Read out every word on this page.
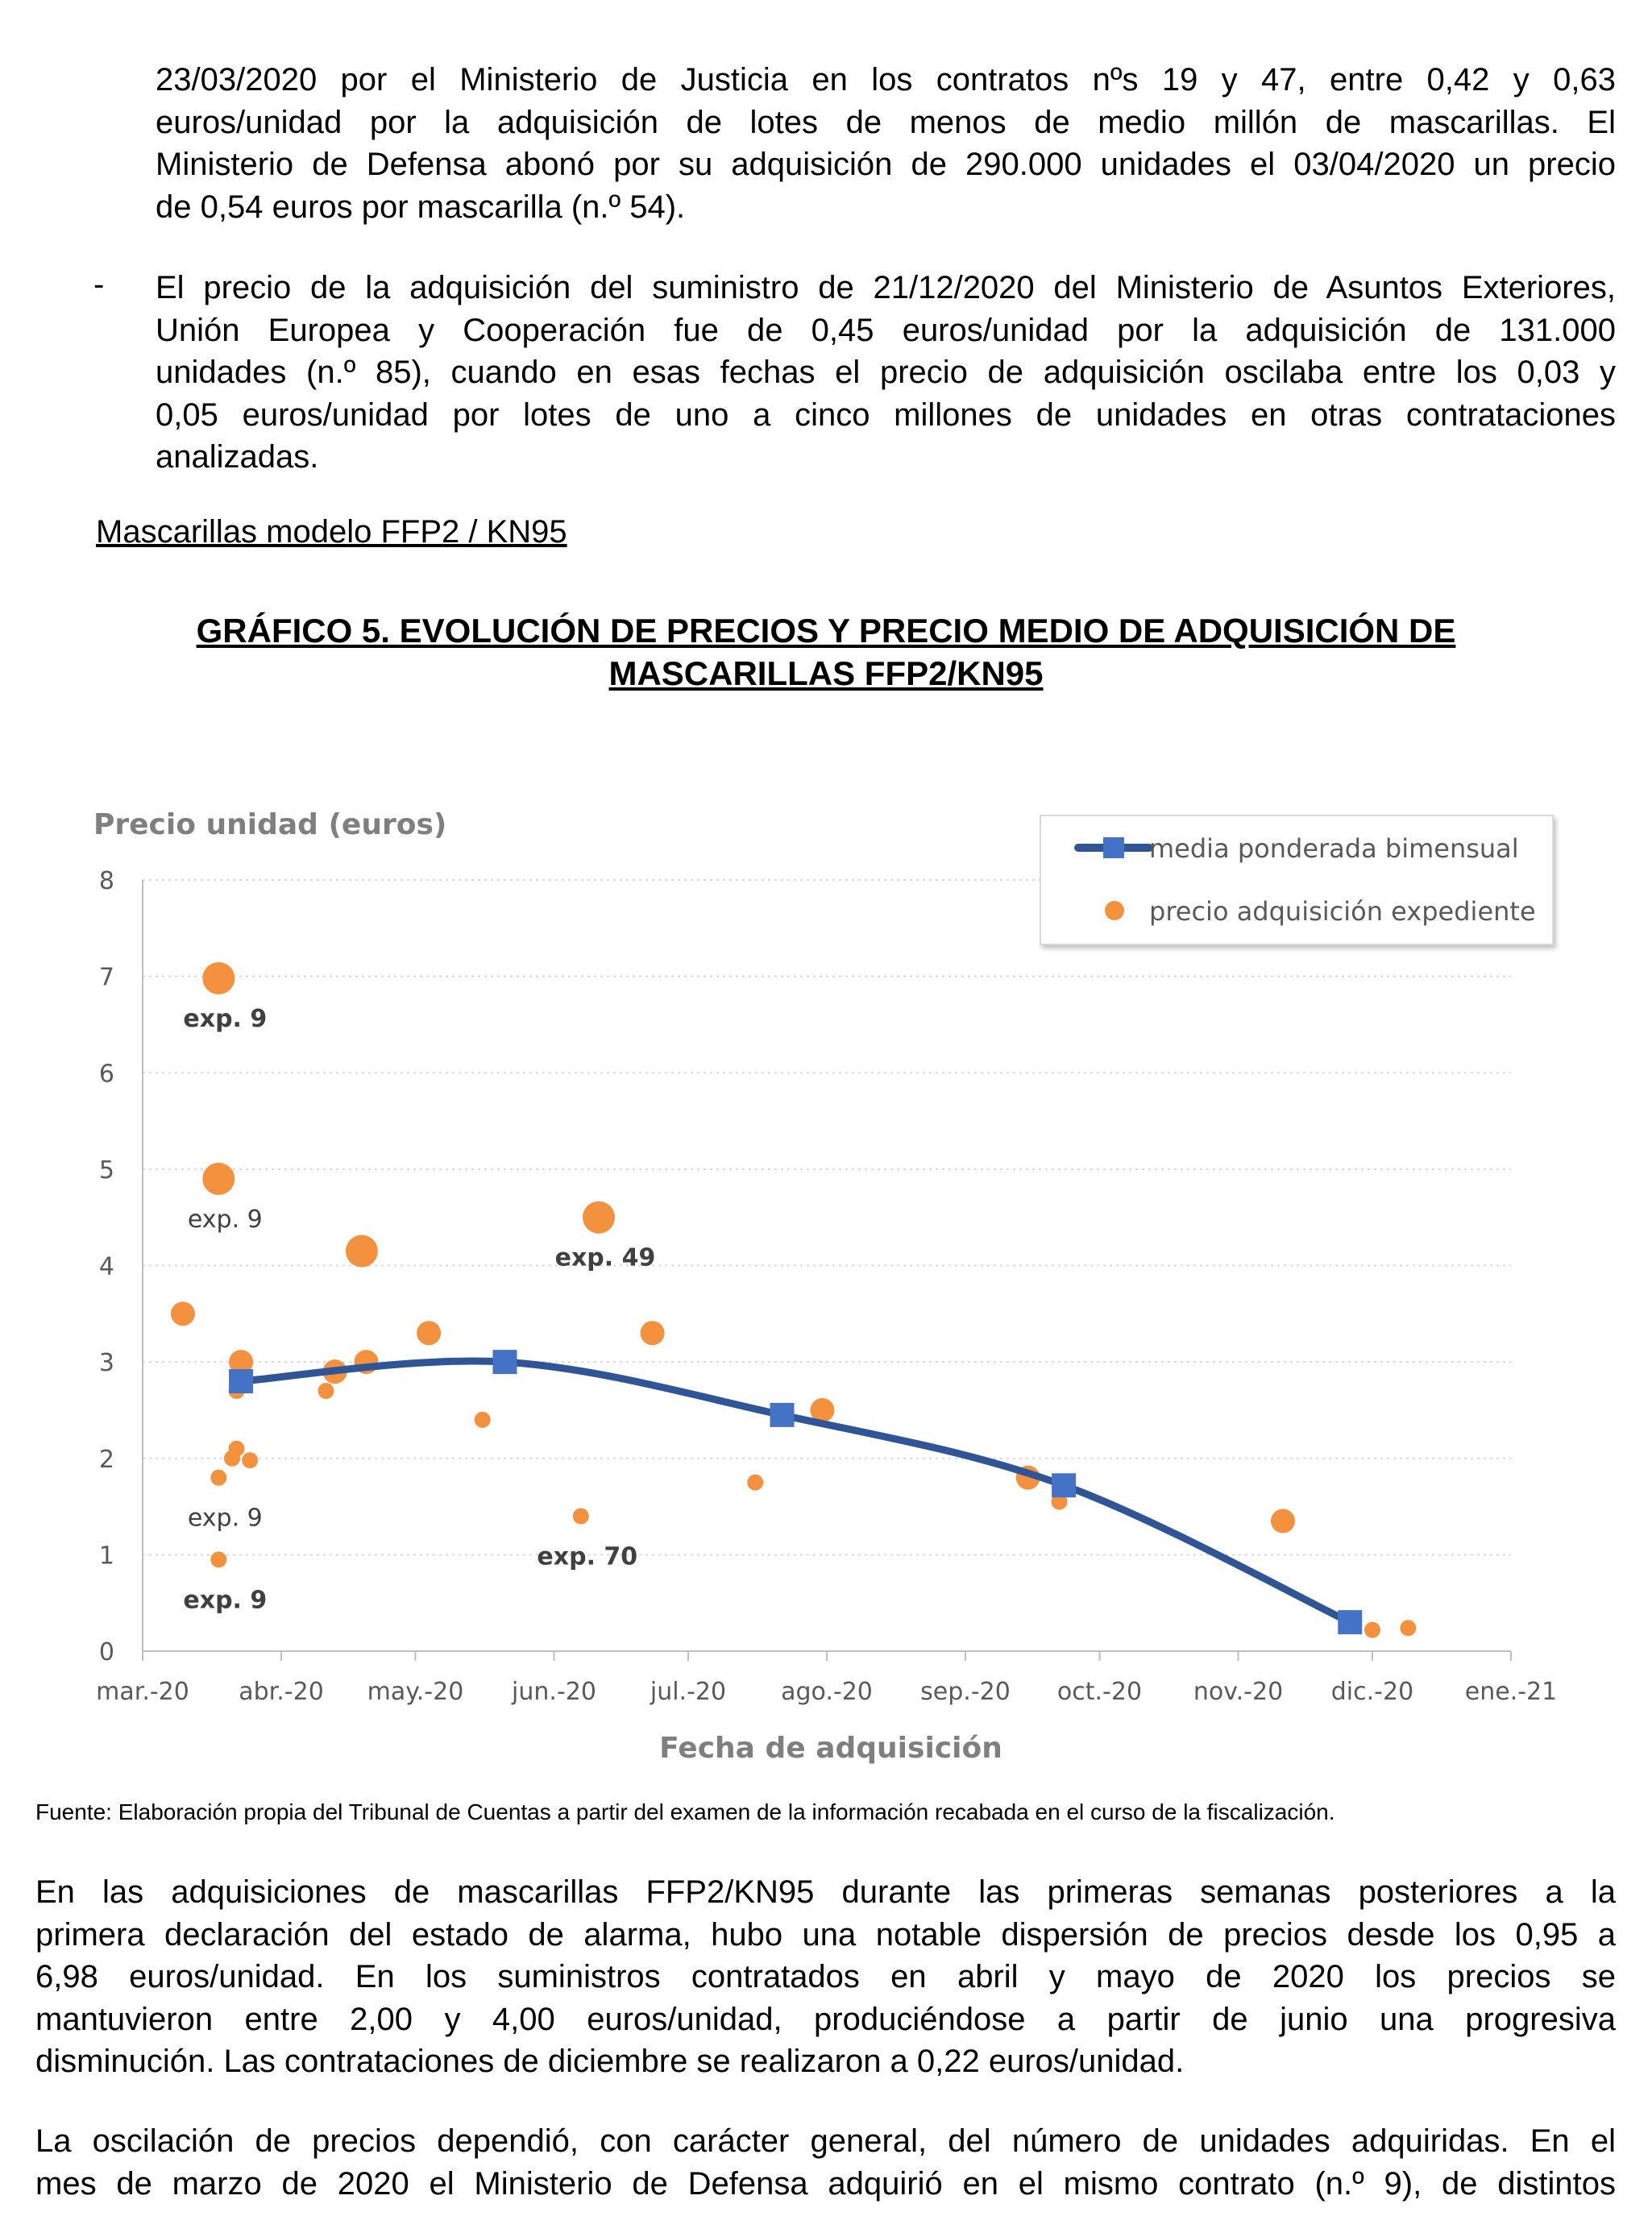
23/03/2020 por el Ministerio de Justicia en los contratos nºs 19 y 47, entre 0,42 y 0,63
euros/unidad por la adquisición de lotes de menos de medio millón de mascarillas. El
Ministerio de Defensa abonó por su adquisición de 290.000 unidades el 03/04/2020 un precio
de 0,54 euros por mascarilla (n.º 54).
- El precio de la adquisición del suministro de 21/12/2020 del Ministerio de Asuntos Exteriores,
Unión Europea y Cooperación fue de 0,45 euros/unidad por la adquisición de 131.000
unidades (n.º 85), cuando en esas fechas el precio de adquisición oscilaba entre los 0,03 y
0,05 euros/unidad por lotes de uno a cinco millones de unidades en otras contrataciones
analizadas.
Mascarillas modelo FFP2 / KN95
GRÁFICO 5. EVOLUCIÓN DE PRECIOS Y PRECIO MEDIO DE ADQUISICIÓN DE
MASCARILLAS FFP2/KN95
Precio unidad (euros)
Fecha de adquisición
0
1
2
3
4
5
6
7
8
mar.-20 abr.-20 may.-20 jun.-20 jul.-20 ago.-20 sep.-20 oct.-20 nov.-20 dic.-20 ene.-21
exp. 9
exp. 9
exp. 9
exp. 9
exp. 70
exp. 49
media ponderada bimensual
precio adquisición expediente
Fuente: Elaboración propia del Tribunal de Cuentas a partir del examen de la información recabada en el curso de la fiscalización.
En las adquisiciones de mascarillas FFP2/KN95 durante las primeras semanas posteriores a la
primera declaración del estado de alarma, hubo una notable dispersión de precios desde los 0,95 a
6,98 euros/unidad. En los suministros contratados en abril y mayo de 2020 los precios se
mantuvieron entre 2,00 y 4,00 euros/unidad, produciéndose a partir de junio una progresiva
disminución. Las contrataciones de diciembre se realizaron a 0,22 euros/unidad.
La oscilación de precios dependió, con carácter general, del número de unidades adquiridas. En el
mes de marzo de 2020 el Ministerio de Defensa adquirió en el mismo contrato (n.º 9), de distintos
